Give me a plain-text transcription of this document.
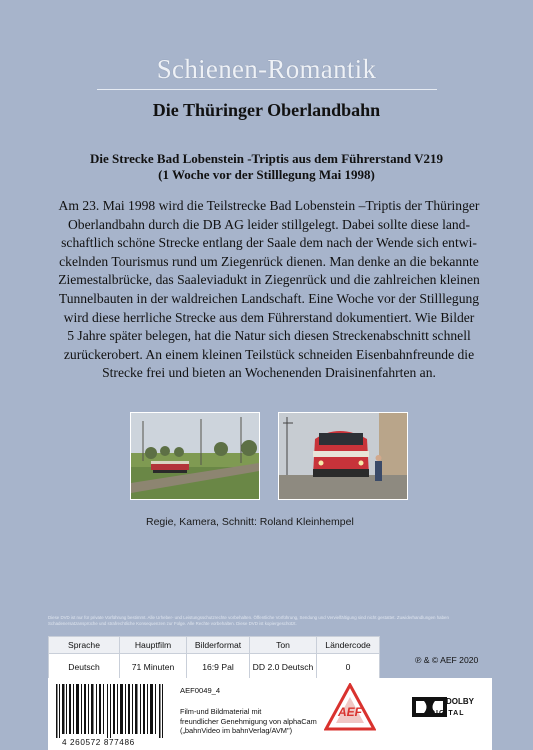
Schienen-Romantik
Die Thüringer Oberlandbahn
Die Strecke Bad Lobenstein -Triptis aus dem Führerstand V219
(1 Woche vor der Stilllegung Mai 1998)
Am 23. Mai 1998 wird die Teilstrecke Bad Lobenstein –Triptis der Thüringer
Oberlandbahn durch die DB AG leider stillgelegt. Dabei sollte diese land-
schaftlich schöne Strecke entlang der Saale dem nach der Wende sich entwi-
ckelnden Tourismus rund um Ziegenrück dienen. Man denke an die bekannte
Ziemestalbrücke, das Saaleviadukt in Ziegenrück und die zahlreichen kleinen
Tunnelbauten in der waldreichen Landschaft. Eine Woche vor der Stilllegung
wird diese herrliche Strecke aus dem Führerstand dokumentiert. Wie Bilder
5 Jahre später belegen, hat die Natur sich diesen Streckenabschnitt schnell
zurückerobert. An einem kleinen Teilstück schneiden Eisenbahnfreunde die
Strecke frei und bieten an Wochenenden Draisinenfahrten an.
Regie, Kamera, Schnitt: Roland Kleinhempel
Diese DVD ist nur für private Vorführung bestimmt. Alle Urheber- und Leistungsschutzrechte vorbehalten. Öffentliche Vorführung, Sendung und Vervielfältigung sind nicht gestattet. Zuwiderhandlungen haben Schadenersatzansprüche und strafrechtliche Konsequenzen zur Folge. Alle Rechte vorbehalten. Diese DVD ist kopiergeschützt.
Sprache	Hauptfilm	Bilderformat	Ton	Ländercode
Deutsch	71 Minuten	16:9 Pal	DD 2.0 Deutsch	0
℗ & © AEF 2020
4 260572 877486
AEF0049_4
Film-und Bildmaterial mit
freundlicher Genehmigung von alphaCam
(„bahnVideo im bahnVerlag/AVM")
AEF
DOLBY
DIGITAL
